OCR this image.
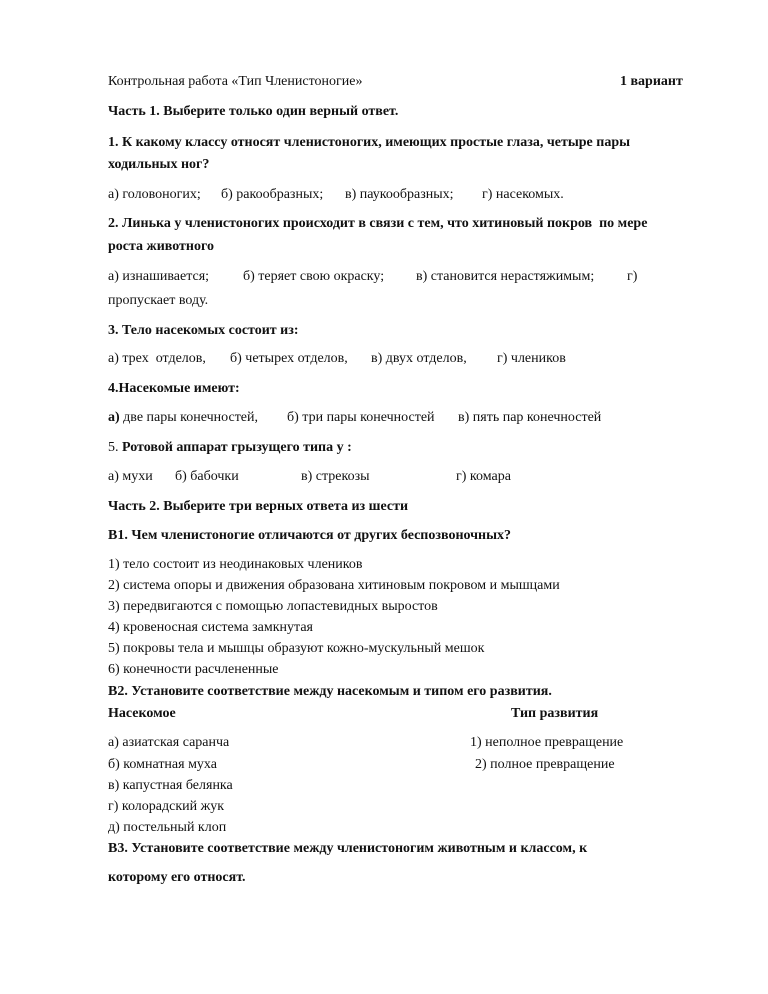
Контрольная работа «Тип Членистоногие»	1 вариант
Часть 1. Выберите только один верный ответ.
1. К какому классу относят членистоногих, имеющих простые глаза, четыре пары
ходильных ног?
а) головоногих; б) ракообразных; в) паукообразных; г) насекомых.
2. Линька у членистоногих происходит в связи с тем, что хитиновый покров  по мере
роста животного
а) изнашивается; б) теряет свою окраску; в) становится нерастяжимым; г)
пропускает воду.
3. Тело насекомых состоит из:
а) трех  отделов, б) четырех отделов, в) двух отделов, г) члеников
4.Насекомые имеют:
а) две пары конечностей, б) три пары конечностей в) пять пар конечностей
5. Ротовой аппарат грызущего типа у :
а) мухи б) бабочки	в) стрекозы	г) комара
Часть 2. Выберите три верных ответа из шести
В1. Чем членистоногие отличаются от других беспозвоночных?
1) тело состоит из неодинаковых члеников
2) система опоры и движения образована хитиновым покровом и мышцами
3) передвигаются с помощью лопастевидных выростов
4) кровеносная система замкнутая
5) покровы тела и мышцы образуют кожно-мускульный мешок
6) конечности расчлененные
В2. Установите соответствие между насекомым и типом его развития.
Насекомое	Тип развития
а) азиатская саранча	1) неполное превращение
б) комнатная муха	2) полное превращение
в) капустная белянка
г) колорадский жук
д) постельный клоп
В3. Установите соответствие между членистоногим животным и классом, к
которому его относят.
